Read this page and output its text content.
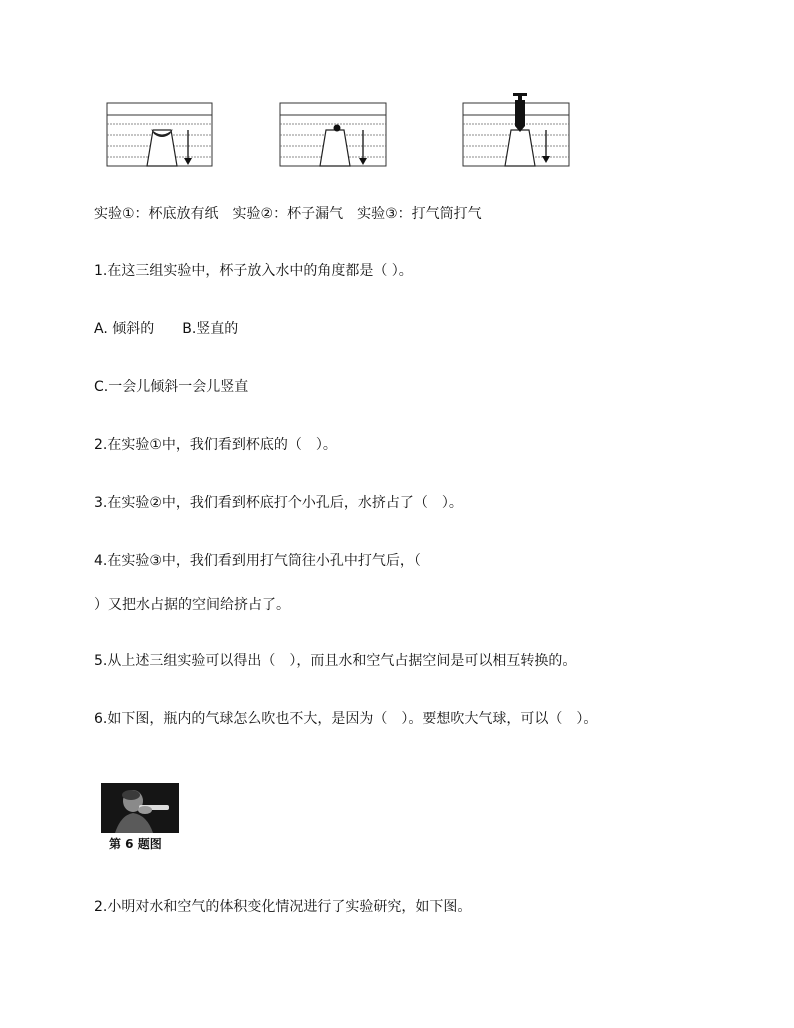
实验①：杯底放有纸　实验②：杯子漏气　实验③：打气筒打气
1.在这三组实验中，杯子放入水中的角度都是（ ）。
A. 倾斜的　　B.竖直的
C.一会儿倾斜一会儿竖直
2.在实验①中，我们看到杯底的（　）。
3.在实验②中，我们看到杯底打个小孔后，水挤占了（　）。
4.在实验③中，我们看到用打气筒往小孔中打气后，（
）又把水占据的空间给挤占了。
5.从上述三组实验可以得出（　），而且水和空气占据空间是可以相互转换的。
6.如下图，瓶内的气球怎么吹也不大，是因为（　）。要想吹大气球，可以（　）。
第 6 题图
2.小明对水和空气的体积变化情况进行了实验研究，如下图。
